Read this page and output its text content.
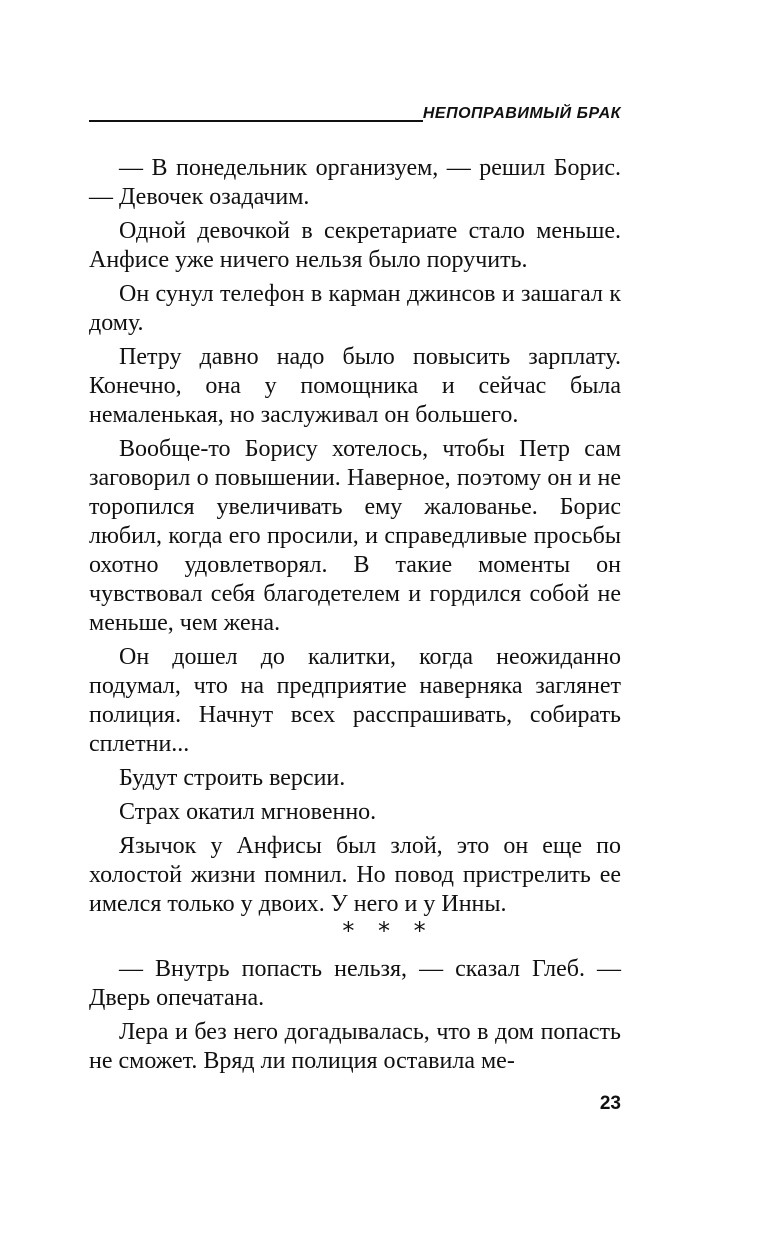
НЕПОПРАВИМЫЙ БРАК

— В понедельник организуем, — решил Борис. — Девочек озадачим.

Одной девочкой в секретариате стало меньше. Анфисе уже ничего нельзя было поручить.

Он сунул телефон в карман джинсов и зашагал к дому.

Петру давно надо было повысить зарплату. Конечно, она у помощника и сейчас была немаленькая, но заслуживал он большего.

Вообще-то Борису хотелось, чтобы Петр сам заговорил о повышении. Наверное, поэтому он и не торопился увеличивать ему жалованье. Борис любил, когда его просили, и справедливые просьбы охотно удовлетворял. В такие моменты он чувствовал себя благодетелем и гордился собой не меньше, чем жена.

Он дошел до калитки, когда неожиданно подумал, что на предприятие наверняка заглянет полиция. Начнут всех расспрашивать, собирать сплетни...

Будут строить версии.

Страх окатил мгновенно.

Язычок у Анфисы был злой, это он еще по холостой жизни помнил. Но повод пристрелить ее имелся только у двоих. У него и у Инны.

* * *

— Внутрь попасть нельзя, — сказал Глеб. — Дверь опечатана.

Лера и без него догадывалась, что в дом попасть не сможет. Вряд ли полиция оставила ме-

23
